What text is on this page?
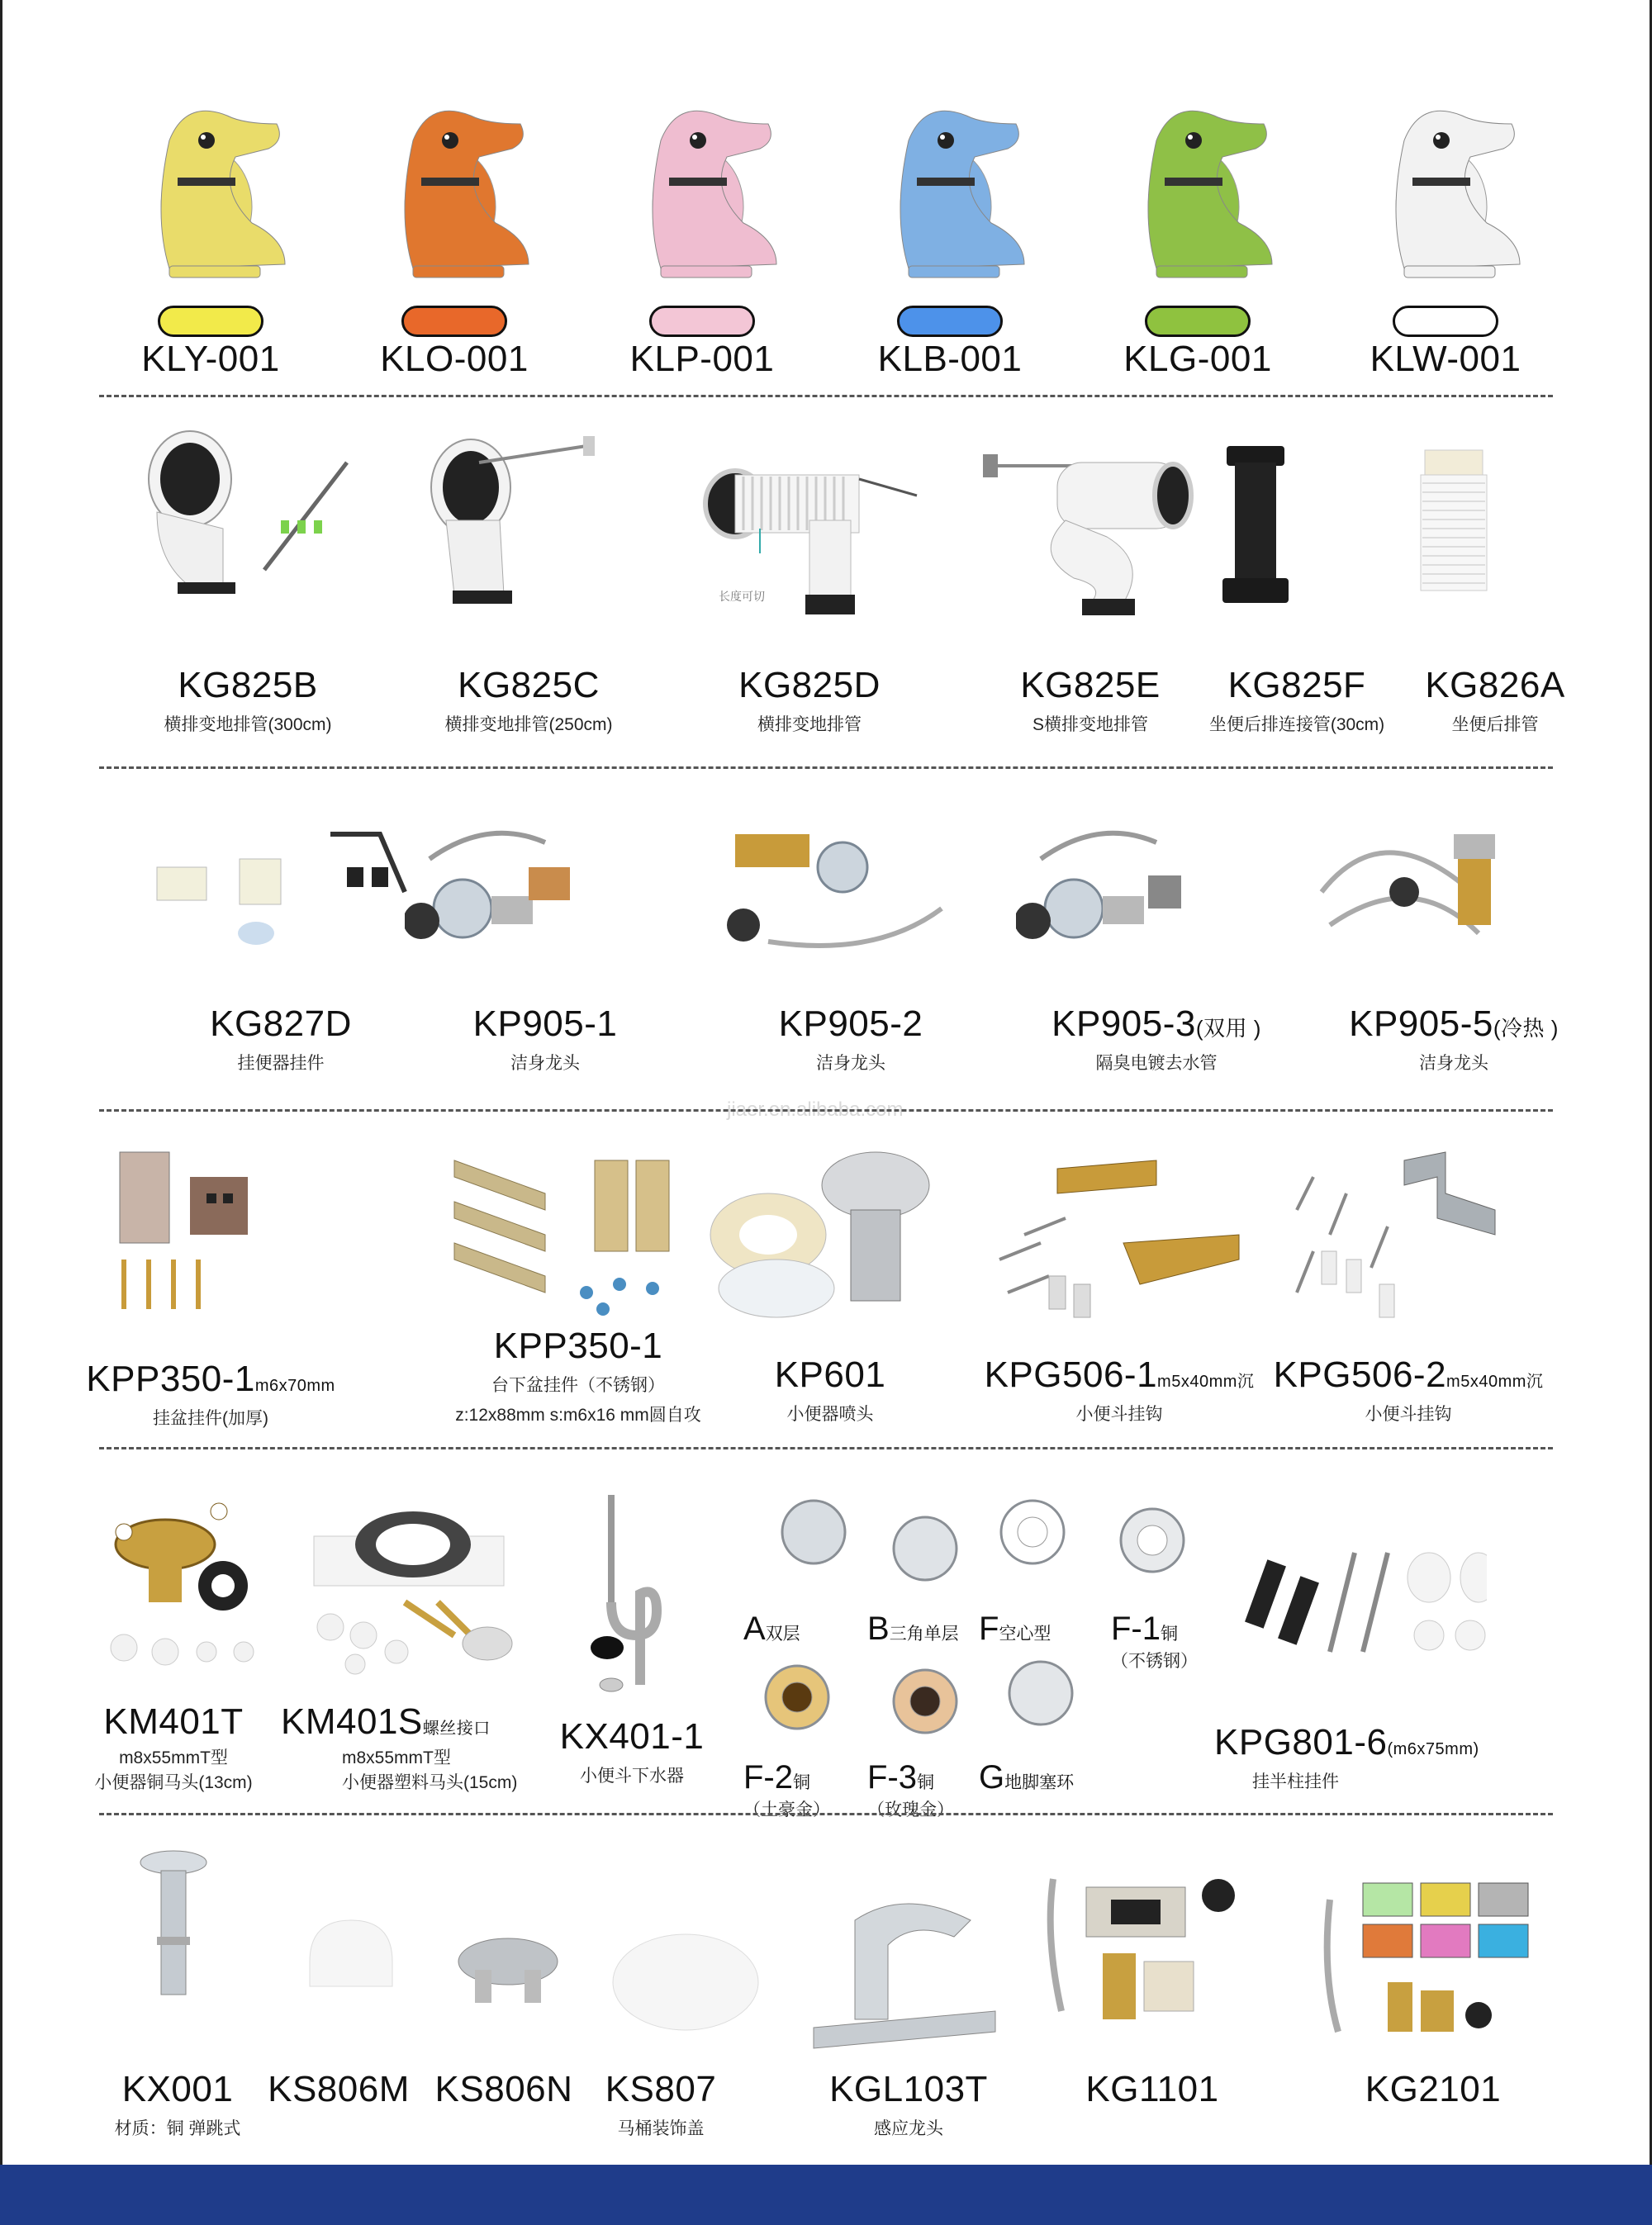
KLY-001	KLO-001	KLP-001	KLB-001	KLG-001	KLW-001
KG825B
横排变地排管(300cm)
KG825C
横排变地排管(250cm)
KG825D
横排变地排管
KG825E
S横排变地排管
KG825F
坐便后排连接管(30cm)
KG826A
坐便后排管
长度可切
KG827D
挂便器挂件
KP905-1
洁身龙头
KP905-2
洁身龙头
KP905-3(双用 )
隔臭电镀去水管
KP905-5(冷热 )
洁身龙头
jiaer.en.alibaba.com
KPP350-1m6x70mm
挂盆挂件(加厚)
KPP350-1
台下盆挂件（不锈钢）
z:12x88mm s:m6x16 mm圆自攻
KP601
小便器喷头
KPG506-1m5x40mm沉
小便斗挂钩
KPG506-2m5x40mm沉
小便斗挂钩
KM401T
m8x55mmT型
小便器铜马头(13cm)
KM401S螺丝接口
m8x55mmT型
小便器塑料马头(15cm)
KX401-1
小便斗下水器
A双层	B三角单层 F空心型	F-1铜
（不锈钢）
F-2铜
（土豪金）
F-3铜
（玫瑰金）
G地脚塞环
KPG801-6(m6x75mm)
挂半柱挂件
KX001
材质：铜 弹跳式
KS806M KS806N KS807
马桶装饰盖
KGL103T
感应龙头
KG1101	KG2101
